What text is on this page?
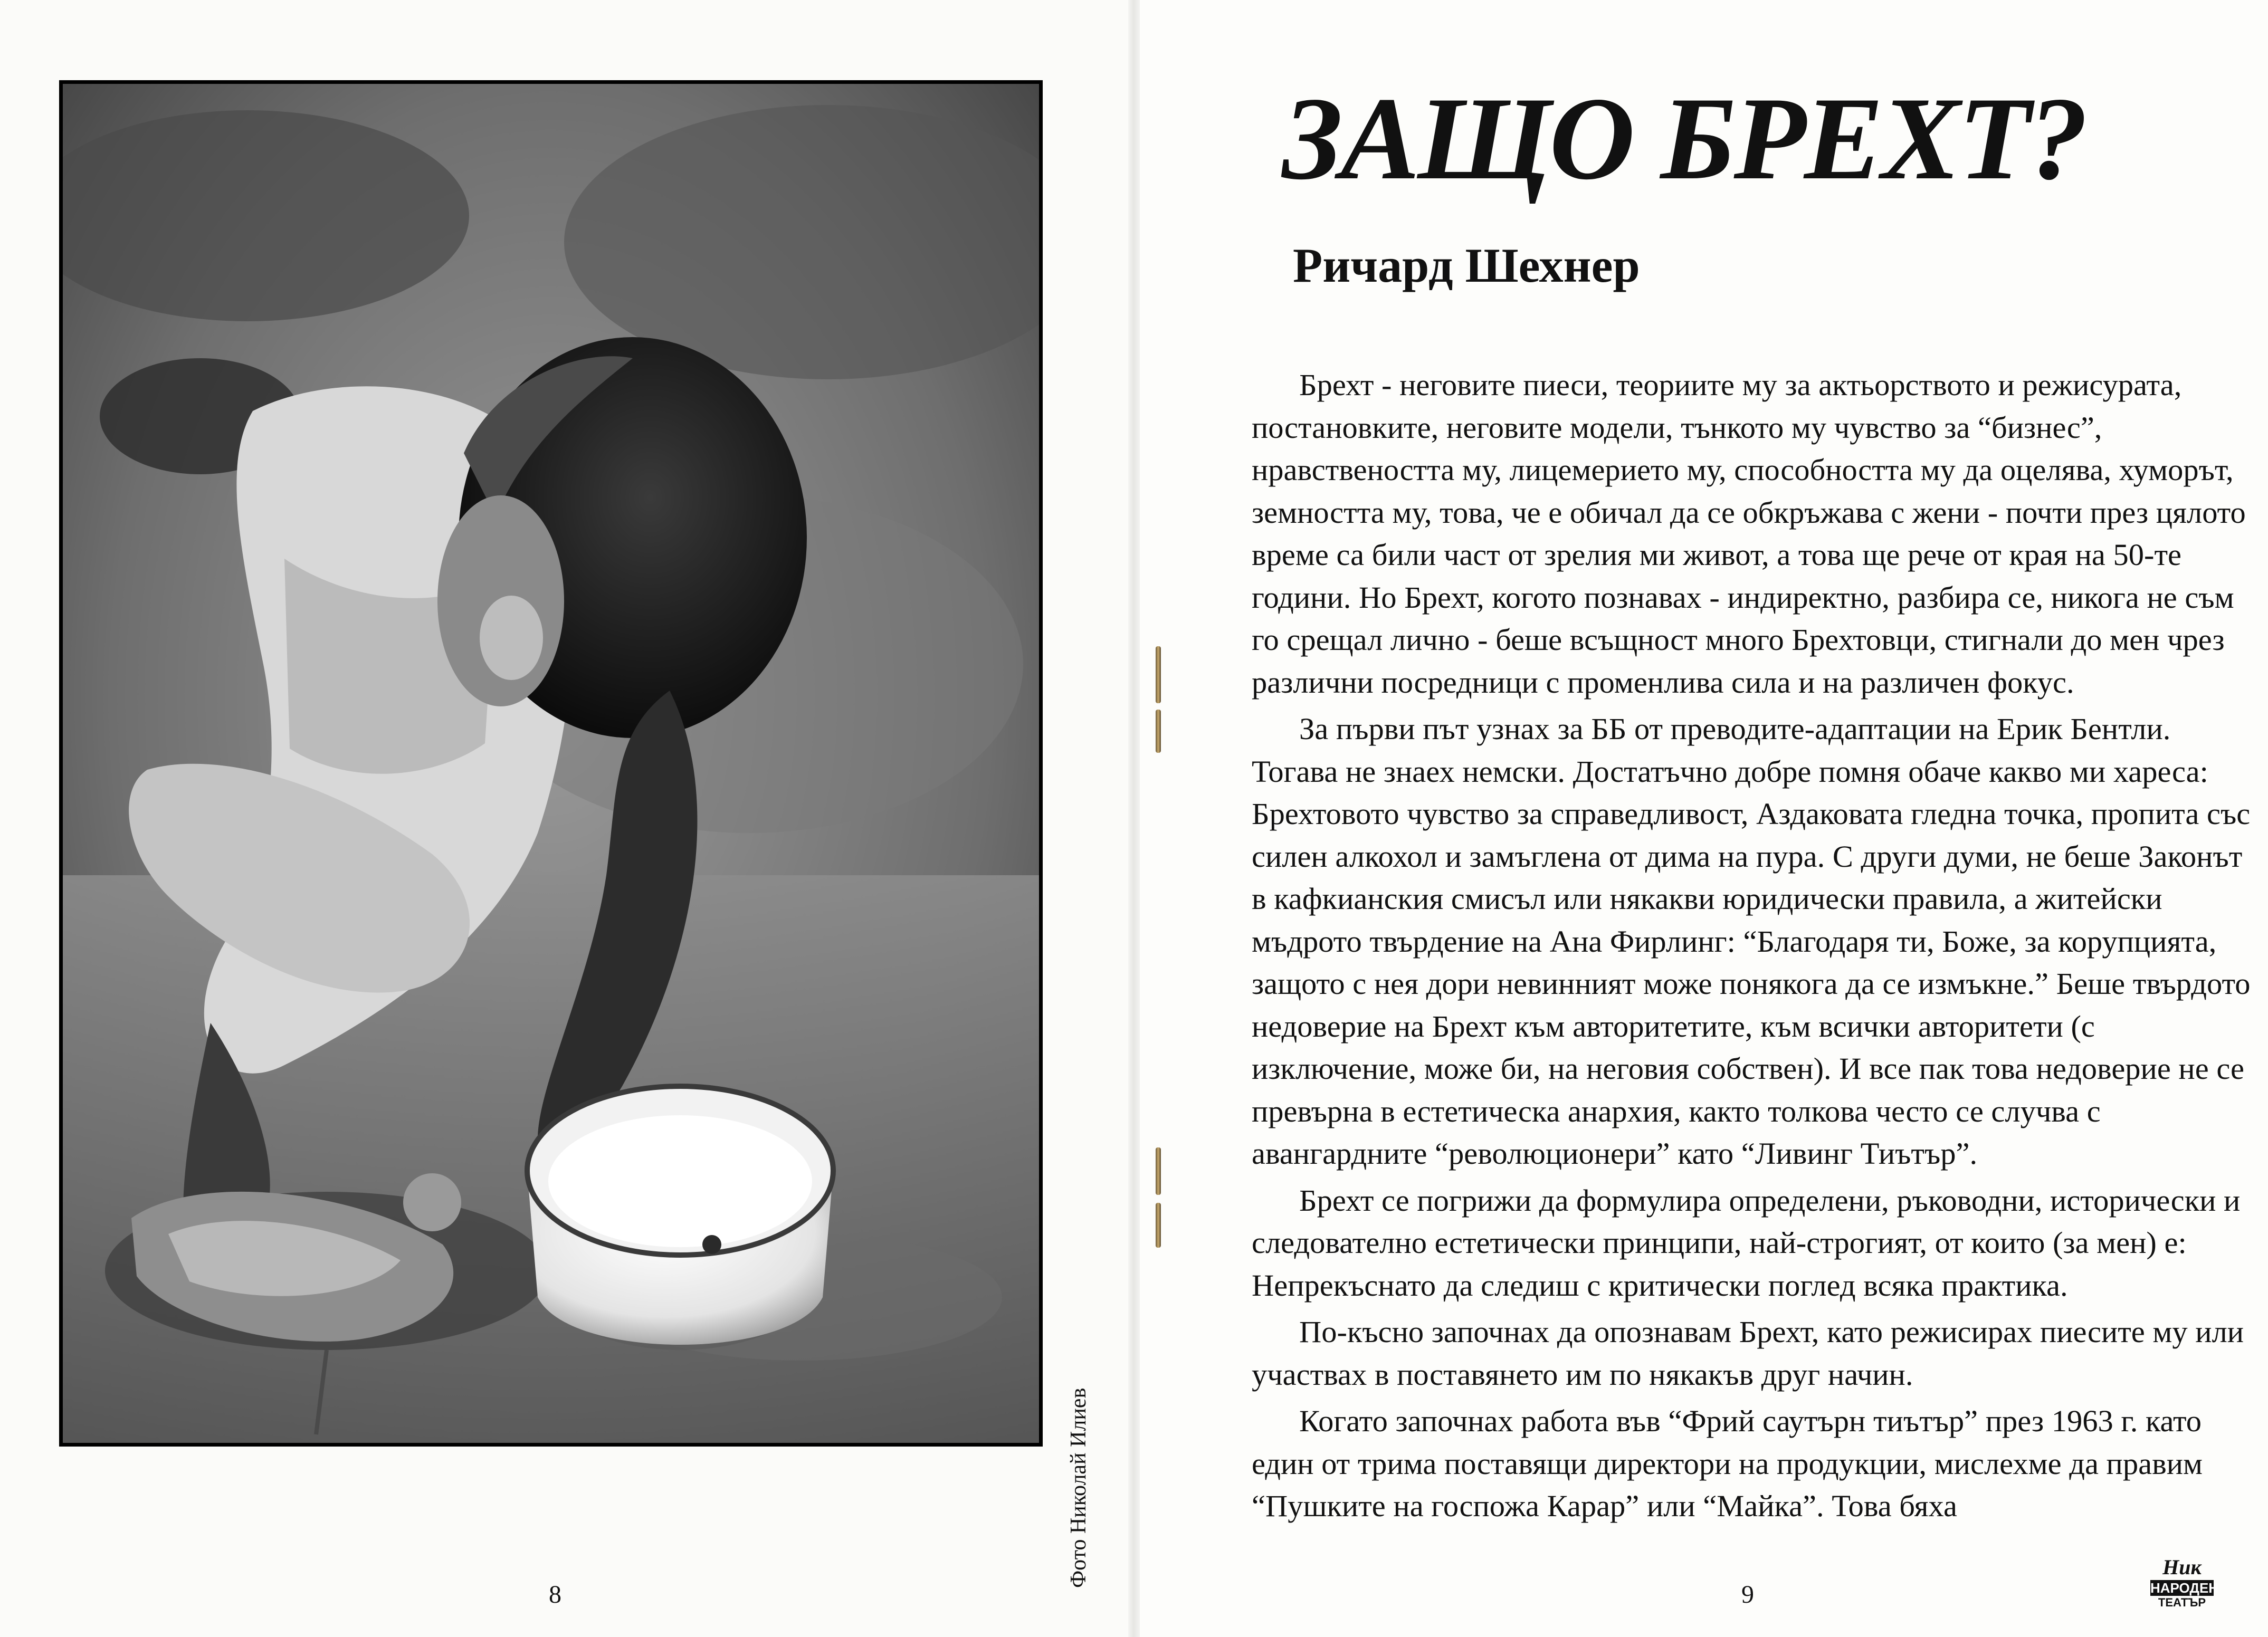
Фото Николай Илиев
8
ЗАЩО БРЕХТ?
Ричард Шехнер

Брехт - неговите пиеси, теориите му за актьорството и режисурата, постановките, неговите модели, тънкото му чувство за “бизнес”, нравствеността му, лицемерието му, способността му да оцелява, хуморът, земността му, това, че е обичал да се обкръжава с жени - почти през цялото време са били част от зрелия ми живот, а това ще рече от края на 50-те години. Но Брехт, когото познавах - индиректно, разбира се, никога не съм го срещал лично - беше всъщност много Брехтовци, стигнали до мен чрез различни посредници с променлива сила и на различен фокус.

За първи път узнах за ББ от преводите-адаптации на Ерик Бентли. Тогава не знаех немски. Достатъчно добре помня обаче какво ми хареса: Брехтовото чувство за справедливост, Аздаковата гледна точка, пропита със силен алкохол и замъглена от дима на пура. С други думи, не беше Законът в кафкианския смисъл или някакви юридически правила, а житейски мъдрото твърдение на Ана Фирлинг: “Благодаря ти, Боже, за корупцията, защото с нея дори невинният може понякога да се измъкне.” Беше твърдото недоверие на Брехт към авторитетите, към всички авторитети (с изключение, може би, на неговия собствен). И все пак това недоверие не се превърна в естетическа анархия, както толкова често се случва с авангардните “революционери” като “Ливинг Тиътър”.

Брехт се погрижи да формулира определени, ръководни, исторически и следователно естетически принципи, най-строгият, от които (за мен) е: Непрекъснато да следиш с критически поглед всяка практика.

По-късно започнах да опознавам Брехт, като режисирах пиесите му или участвах в поставянето им по някакъв друг начин.

Когато започнах работа във “Фрий саутърн тиътър” през 1963 г. като един от трима поставящи директори на продукции, мислехме да правим “Пушките на госпожа Карар” или “Майка”. Това бяха

9
Ник
НАРОДЕН
ТЕАТЪР
